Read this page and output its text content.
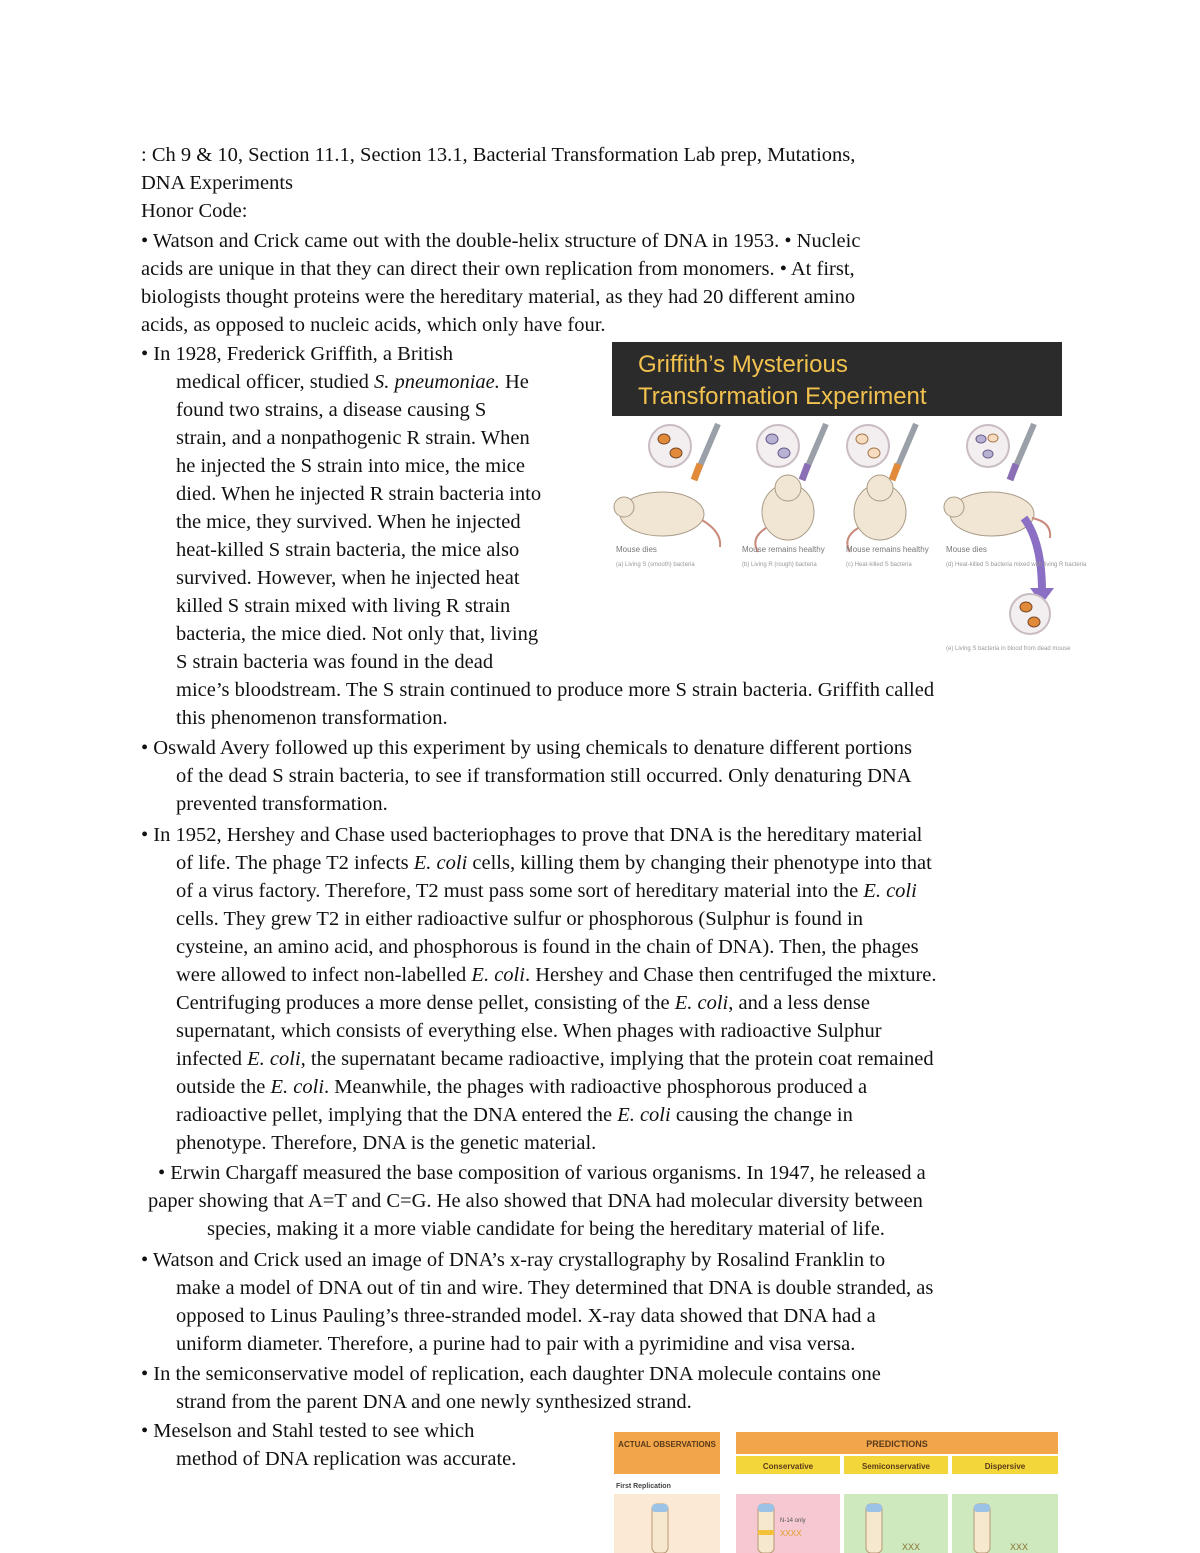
: Ch 9 & 10, Section 11.1, Section 13.1, Bacterial Transformation Lab prep, Mutations,
DNA Experiments
Honor Code:
• Watson and Crick came out with the double-helix structure of DNA in 1953. • Nucleic
acids are unique in that they can direct their own replication from monomers. • At first,
biologists thought proteins were the hereditary material, as they had 20 different amino
acids, as opposed to nucleic acids, which only have four.
• In 1928, Frederick Griffith, a British
medical officer, studied S. pneumoniae. He
found two strains, a disease causing S
strain, and a nonpathogenic R strain. When
he injected the S strain into mice, the mice
died. When he injected R strain bacteria into
the mice, they survived. When he injected
heat-killed S strain bacteria, the mice also
survived. However, when he injected heat
killed S strain mixed with living R strain
bacteria, the mice died. Not only that, living
S strain bacteria was found in the dead
mice’s bloodstream. The S strain continued to produce more S strain bacteria. Griffith called
this phenomenon transformation.
• Oswald Avery followed up this experiment by using chemicals to denature different portions
of the dead S strain bacteria, to see if transformation still occurred. Only denaturing DNA
prevented transformation.
• In 1952, Hershey and Chase used bacteriophages to prove that DNA is the hereditary material
of life. The phage T2 infects E. coli cells, killing them by changing their phenotype into that
of a virus factory. Therefore, T2 must pass some sort of hereditary material into the E. coli
cells. They grew T2 in either radioactive sulfur or phosphorous (Sulphur is found in
cysteine, an amino acid, and phosphorous is found in the chain of DNA). Then, the phages
were allowed to infect non-labelled E. coli. Hershey and Chase then centrifuged the mixture.
Centrifuging produces a more dense pellet, consisting of the E. coli, and a less dense
supernatant, which consists of everything else. When phages with radioactive Sulphur
infected E. coli, the supernatant became radioactive, implying that the protein coat remained
outside the E. coli. Meanwhile, the phages with radioactive phosphorous produced a
radioactive pellet, implying that the DNA entered the E. coli causing the change in
phenotype. Therefore, DNA is the genetic material.
• Erwin Chargaff measured the base composition of various organisms. In 1947, he released a
paper showing that A=T and C=G. He also showed that DNA had molecular diversity between
species, making it a more viable candidate for being the hereditary material of life.
• Watson and Crick used an image of DNA’s x-ray crystallography by Rosalind Franklin to
make a model of DNA out of tin and wire. They determined that DNA is double stranded, as
opposed to Linus Pauling’s three-stranded model. X-ray data showed that DNA had a
uniform diameter. Therefore, a purine had to pair with a pyrimidine and visa versa.
• In the semiconservative model of replication, each daughter DNA molecule contains one
strand from the parent DNA and one newly synthesized strand.
• Meselson and Stahl tested to see which
method of DNA replication was accurate.
Griffith’s Mysterious
Transformation Experiment
Mouse dies
(a) Living S (smooth) bacteria
Mouse remains healthy
(b) Living R (rough) bacteria
Mouse remains healthy
(c) Heat-killed S bacteria
Mouse dies
(d) Heat-killed S bacteria mixed with living R bacteria
(e) Living S bacteria in blood from dead mouse
ACTUAL OBSERVATIONS	PREDICTIONS
Conservative	Semiconservative	Dispersive
First Replication
N-14 only
XXXX
XXX	XXX
